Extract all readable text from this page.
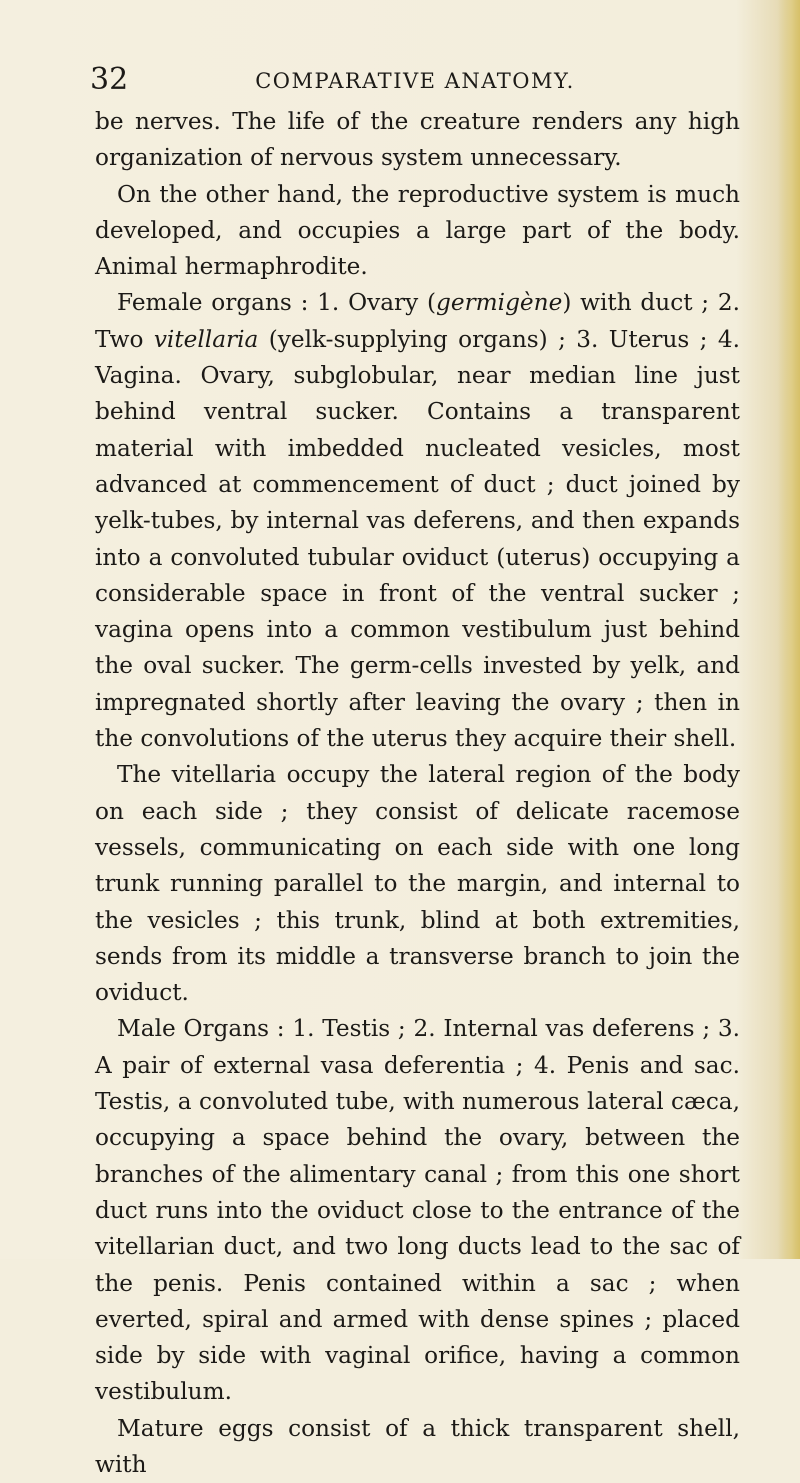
32	COMPARATIVE ANATOMY.

be nerves. The life of the creature renders any high organization of nervous system unnecessary.

On the other hand, the reproductive system is much developed, and occupies a large part of the body. Animal hermaphrodite.

Female organs : 1. Ovary (germigène) with duct ; 2. Two vitellaria (yelk-supplying organs) ; 3. Uterus ; 4. Vagina. Ovary, subglobular, near median line just behind ventral sucker. Contains a transparent material with imbedded nucleated vesicles, most advanced at commencement of duct ; duct joined by yelk-tubes, by internal vas deferens, and then expands into a convoluted tubular oviduct (uterus) occupying a considerable space in front of the ventral sucker ; vagina opens into a common vestibulum just behind the oval sucker. The germ-cells invested by yelk, and impregnated shortly after leaving the ovary ; then in the convolutions of the uterus they acquire their shell.

The vitellaria occupy the lateral region of the body on each side ; they consist of delicate racemose vessels, communicating on each side with one long trunk running parallel to the margin, and internal to the vesicles ; this trunk, blind at both extremities, sends from its middle a transverse branch to join the oviduct.

Male Organs : 1. Testis ; 2. Internal vas deferens ; 3. A pair of external vasa deferentia ; 4. Penis and sac. Testis, a convoluted tube, with numerous lateral cæca, occupying a space behind the ovary, between the branches of the alimentary canal ; from this one short duct runs into the oviduct close to the entrance of the vitellarian duct, and two long ducts lead to the sac of the penis. Penis contained within a sac ; when everted, spiral and armed with dense spines ; placed side by side with vaginal orifice, having a common vestibulum.

Mature eggs consist of a thick transparent shell, with
